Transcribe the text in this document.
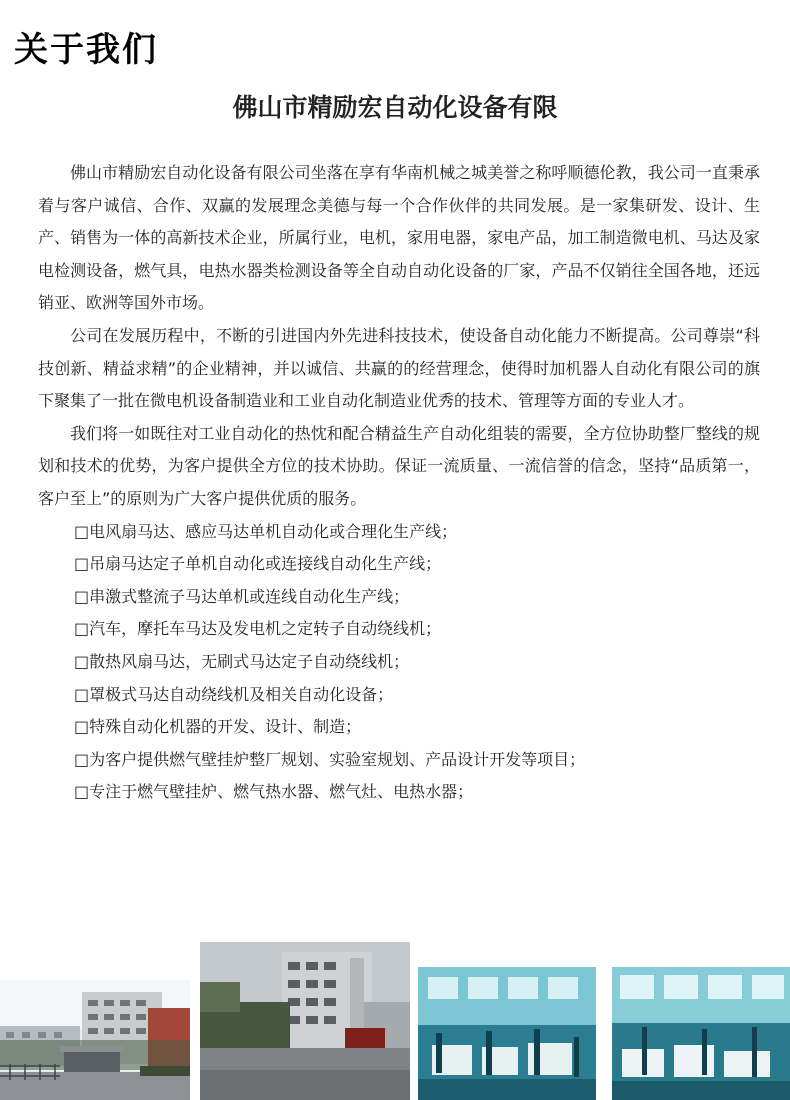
关于我们
佛山市精励宏自动化设备有限

佛山市精励宏自动化设备有限公司坐落在享有华南机械之城美誉之称呼顺德伦教，我公司一直秉承着与客户诚信、合作、双赢的发展理念美德与每一个合作伙伴的共同发展。是一家集研发、设计、生产、销售为一体的高新技术企业，所属行业，电机，家用电器，家电产品，加工制造微电机、马达及家电检测设备，燃气具，电热水器类检测设备等全自动自动化设备的厂家，产品不仅销往全国各地，还远销亚、欧洲等国外市场。

公司在发展历程中，不断的引进国内外先进科技技术，使设备自动化能力不断提高。公司尊崇“科技创新、精益求精”的企业精神，并以诚信、共赢的的经营理念，使得时加机器人自动化有限公司的旗下聚集了一批在微电机设备制造业和工业自动化制造业优秀的技术、管理等方面的专业人才。

我们将一如既往对工业自动化的热忱和配合精益生产自动化组装的需要，全方位协助整厂整线的规划和技术的优势，为客户提供全方位的技术协助。保证一流质量、一流信誉的信念，坚持“品质第一，客户至上”的原则为广大客户提供优质的服务。

□电风扇马达、感应马达单机自动化或合理化生产线；
□吊扇马达定子单机自动化或连接线自动化生产线；
□串激式整流子马达单机或连线自动化生产线；
□汽车，摩托车马达及发电机之定转子自动绕线机；
□散热风扇马达，无刷式马达定子自动绕线机；
□罩极式马达自动绕线机及相关自动化设备；
□特殊自动化机器的开发、设计、制造；
□为客户提供燃气壁挂炉整厂规划、实验室规划、产品设计开发等项目；
□专注于燃气壁挂炉、燃气热水器、燃气灶、电热水器；
